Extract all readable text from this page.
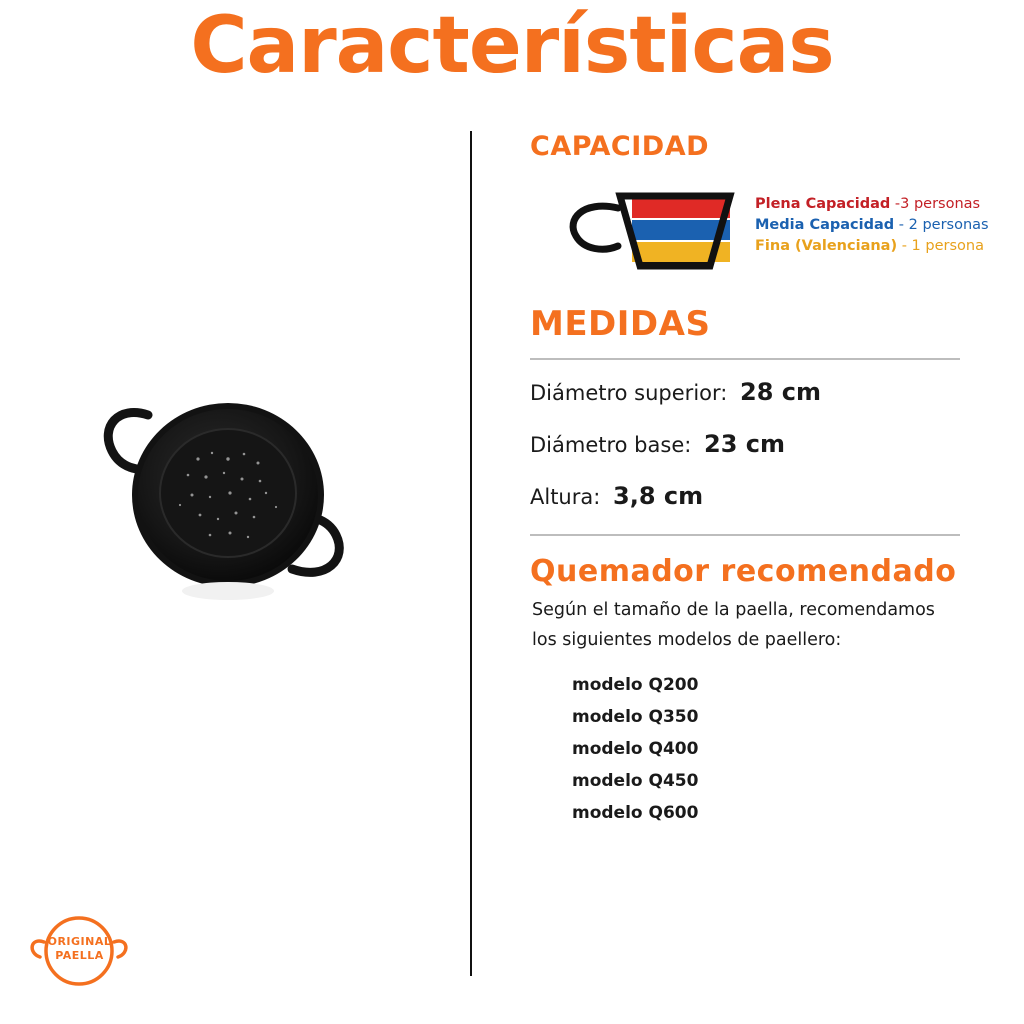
Características
CAPACIDAD
Plena Capacidad -3 personas
Media Capacidad - 2 personas
Fina (Valenciana) - 1 persona
MEDIDAS
Diámetro superior: 28 cm
Diámetro base: 23 cm
Altura: 3,8 cm
Quemador recomendado
Según el tamaño de la paella, recomendamos
los siguientes modelos de paellero:
modelo Q200
modelo Q350
modelo Q400
modelo Q450
modelo Q600
ORIGINAL
PAELLA
